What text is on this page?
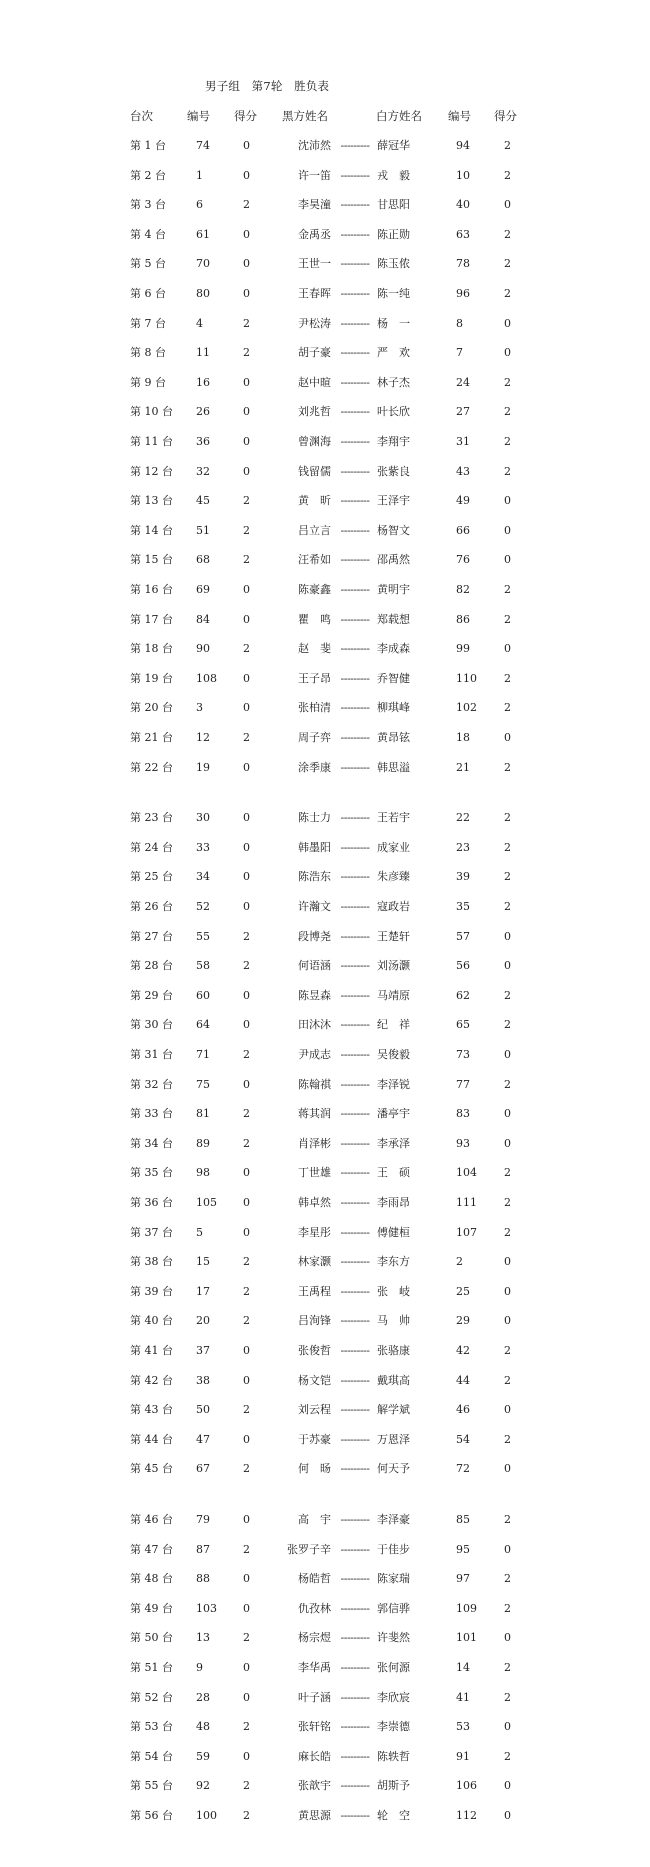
男子组   第7轮   胜负表
台次	编号 得分 黑方姓名	白方姓名 编号 得分
第 1 台	74	0	沈沛然 --------- 薛冠华	94	2
第 2 台	1	0	许一笛 --------- 戎　毅	10	2
第 3 台	6	2	李昊潼 --------- 甘思阳	40	0
第 4 台	61	0	金禹丞 --------- 陈正勋	63	2
第 5 台	70	0	王世一 --------- 陈玉侬	78	2
第 6 台	80	0	王春晖 --------- 陈一纯	96	2
第 7 台	4	2	尹松涛 --------- 杨　一	8	0
第 8 台	11	2	胡子豪 --------- 严　欢	7	0
第 9 台	16	0	赵中暄 --------- 林子杰	24	2
第 10 台 26	0	刘兆哲 --------- 叶长欣	27	2
第 11 台 36	0	曾渊海 --------- 李翔宇	31	2
第 12 台 32	0	钱留儒 --------- 张紫良	43	2
第 13 台 45	2	黄　昕 --------- 王泽宇	49	0
第 14 台 51	2	吕立言 --------- 杨智文	66	0
第 15 台 68	2	汪希如 --------- 邵禹然	76	0
第 16 台 69	0	陈豪鑫 --------- 黄明宇	82	2
第 17 台 84	0	瞿　鸣 --------- 郑载想	86	2
第 18 台 90	2	赵　斐 --------- 李成森	99	0
第 19 台 108 0	王子昂 --------- 乔智健	110 2
第 20 台 3	0	张柏清 --------- 柳琪峰	102 2
第 21 台 12	2	周子弈 --------- 黄昂铉	18	0
第 22 台 19	0	涂季康 --------- 韩思溢	21	2
第 23 台 30	0	陈士力 --------- 王若宇	22	2
第 24 台 33	0	韩墨阳 --------- 成家业	23	2
第 25 台 34	0	陈浩东 --------- 朱彦臻	39	2
第 26 台 52	0	许瀚文 --------- 寇政岩	35	2
第 27 台 55	2	段博尧 --------- 王楚轩	57	0
第 28 台 58	2	何语涵 --------- 刘汤灏	56	0
第 29 台 60	0	陈昱森 --------- 马靖原	62	2
第 30 台 64	0	田沐沐 --------- 纪　祥	65	2
第 31 台 71	2	尹成志 --------- 吴俊毅	73	0
第 32 台 75	0	陈翰祺 --------- 李泽锐	77	2
第 33 台 81	2	蒋其润 --------- 潘亭宇	83	0
第 34 台 89	2	肖泽彬 --------- 李承泽	93	0
第 35 台 98	0	丁世雄 --------- 王　硕	104 2
第 36 台 105 0	韩卓然 --------- 李雨昂	111 2
第 37 台 5	0	李星彤 --------- 傅健桓	107 2
第 38 台 15	2	林家灏 --------- 李东方	2	0
第 39 台 17	2	王禹程 --------- 张　岐	25	0
第 40 台 20	2	吕洵锋 --------- 马　帅	29	0
第 41 台 37	0	张俊哲 --------- 张骆康	42	2
第 42 台 38	0	杨文铠 --------- 戴琪高	44	2
第 43 台 50	2	刘云程 --------- 解学斌	46	0
第 44 台 47	0	于苏豪 --------- 万恩泽	54	2
第 45 台 67	2	何　旸 --------- 何天予	72	0
第 46 台 79	0	高　宇 --------- 李泽豪	85	2
第 47 台 87	2	张罗子辛 --------- 于佳步	95	0
第 48 台 88	0	杨皓哲 --------- 陈家瑞	97	2
第 49 台 103 0	仇孜林 --------- 郭信骅	109 2
第 50 台 13	2	杨宗煜 --------- 许斐然	101 0
第 51 台 9	0	李华禹 --------- 张何源	14	2
第 52 台 28	0	叶子涵 --------- 李欣宸	41	2
第 53 台 48	2	张轩铭 --------- 李崇德	53	0
第 54 台 59	0	麻长皓 --------- 陈轶哲	91	2
第 55 台 92	2	张歆宇 --------- 胡斯予	106 0
第 56 台 100 2	黄思源 --------- 轮　空	112 0
